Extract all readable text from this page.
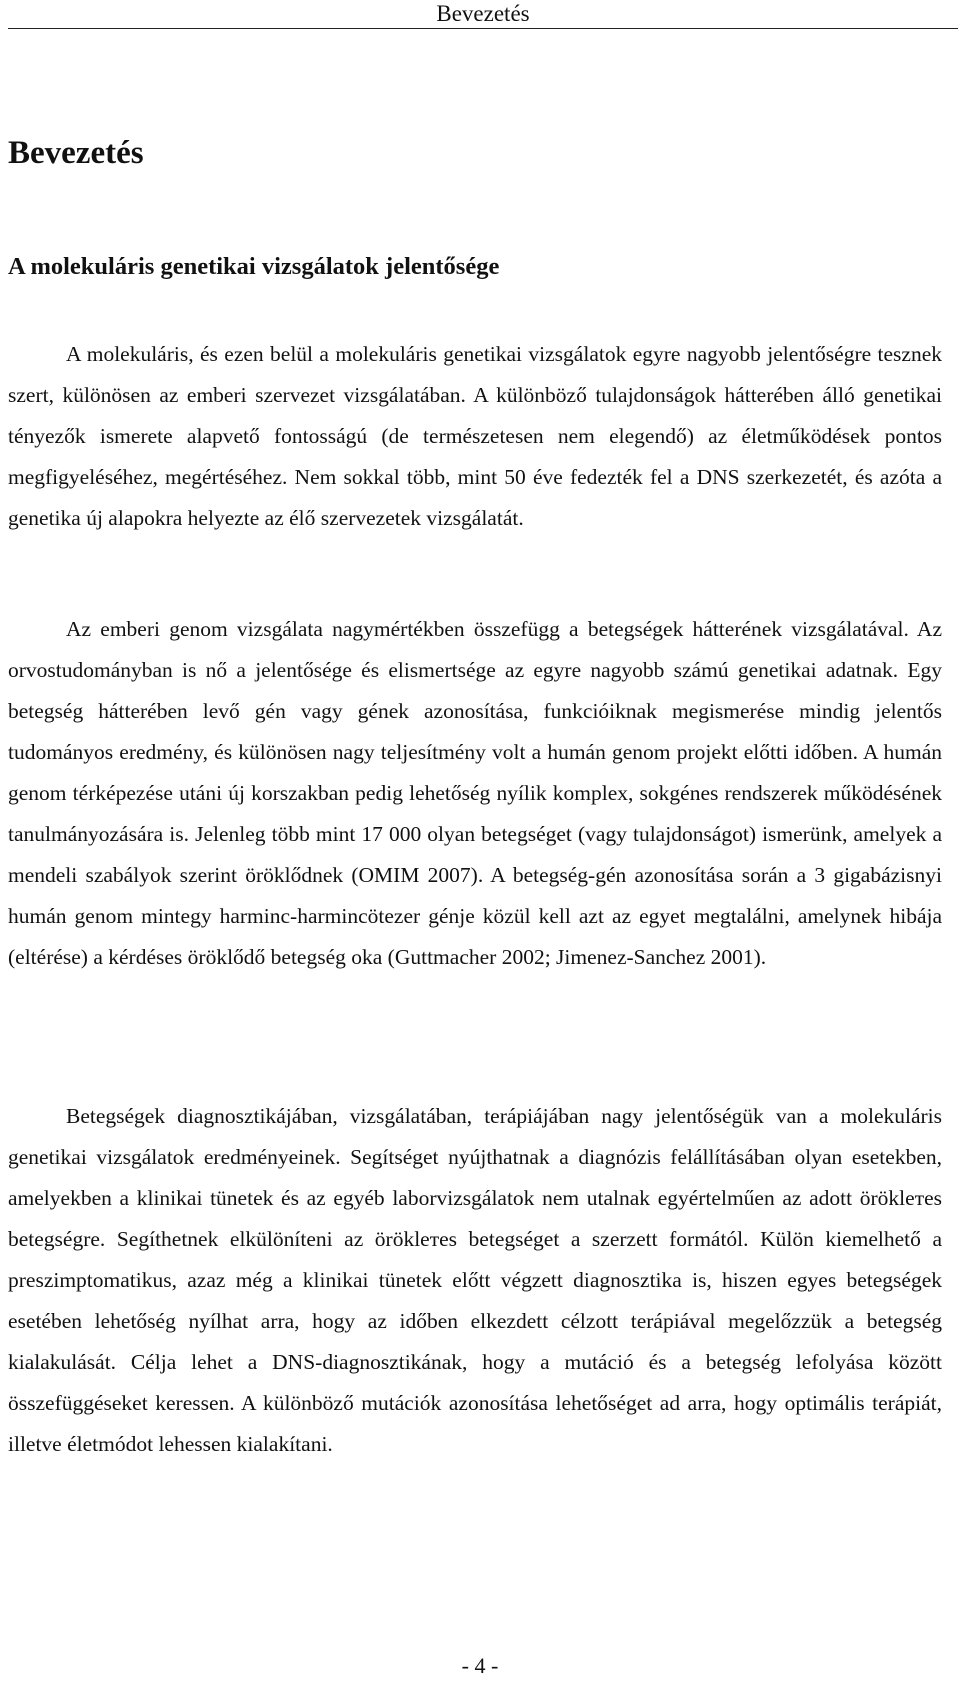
Bevezetés
Bevezetés
A molekuláris genetikai vizsgálatok jelentősége

A molekuláris, és ezen belül a molekuláris genetikai vizsgálatok egyre nagyobb jelentőségre tesznek szert, különösen az emberi szervezet vizsgálatában. A különböző tulajdonságok hátterében álló genetikai tényezők ismerete alapvető fontosságú (de természetesen nem elegendő) az életműködések pontos megfigyeléséhez, megértéséhez. Nem sokkal több, mint 50 éve fedezték fel a DNS szerkezetét, és azóta a genetika új alapokra helyezte az élő szervezetek vizsgálatát.

Az emberi genom vizsgálata nagymértékben összefügg a betegségek hátterének vizsgálatával. Az orvostudományban is nő a jelentősége és elismertsége az egyre nagyobb számú genetikai adatnak. Egy betegség hátterében levő gén vagy gének azonosítása, funkcióiknak megismerése mindig jelentős tudományos eredmény, és különösen nagy teljesítmény volt a humán genom projekt előtti időben. A humán genom térképezése utáni új korszakban pedig lehetőség nyílik komplex, sokgénes rendszerek működésének tanulmányozására is. Jelenleg több mint 17 000 olyan betegséget (vagy tulajdonságot) ismerünk, amelyek a mendeli szabályok szerint öröklődnek (OMIM 2007). A betegség-gén azonosítása során a 3 gigabázisnyi humán genom mintegy harminc-harmincötezer génje közül kell azt az egyet megtalálni, amelynek hibája (eltérése) a kérdéses öröklődő betegség oka (Guttmacher 2002; Jimenez-Sanchez 2001).

Betegségek diagnosztikájában, vizsgálatában, terápiájában nagy jelentőségük van a molekuláris genetikai vizsgálatok eredményeinek. Segítséget nyújthatnak a diagnózis felállításában olyan esetekben, amelyekben a klinikai tünetek és az egyéb laborvizsgálatok nem utalnak egyértelműen az adott öröklетes betegségre. Segíthetnek elkülöníteni az öröklетes betegséget a szerzett formától. Külön kiemelhető a preszimptomatikus, azaz még a klinikai tünetek előtt végzett diagnosztika is, hiszen egyes betegségek esetében lehetőség nyílhat arra, hogy az időben elkezdett célzott terápiával megelőzzük a betegség kialakulását. Célja lehet a DNS-diagnosztikának, hogy a mutáció és a betegség lefolyása között összefüggéseket keressen. A különböző mutációk azonosítása lehetőséget ad arra, hogy optimális terápiát, illetve életmódot lehessen kialakítani.

- 4 -
